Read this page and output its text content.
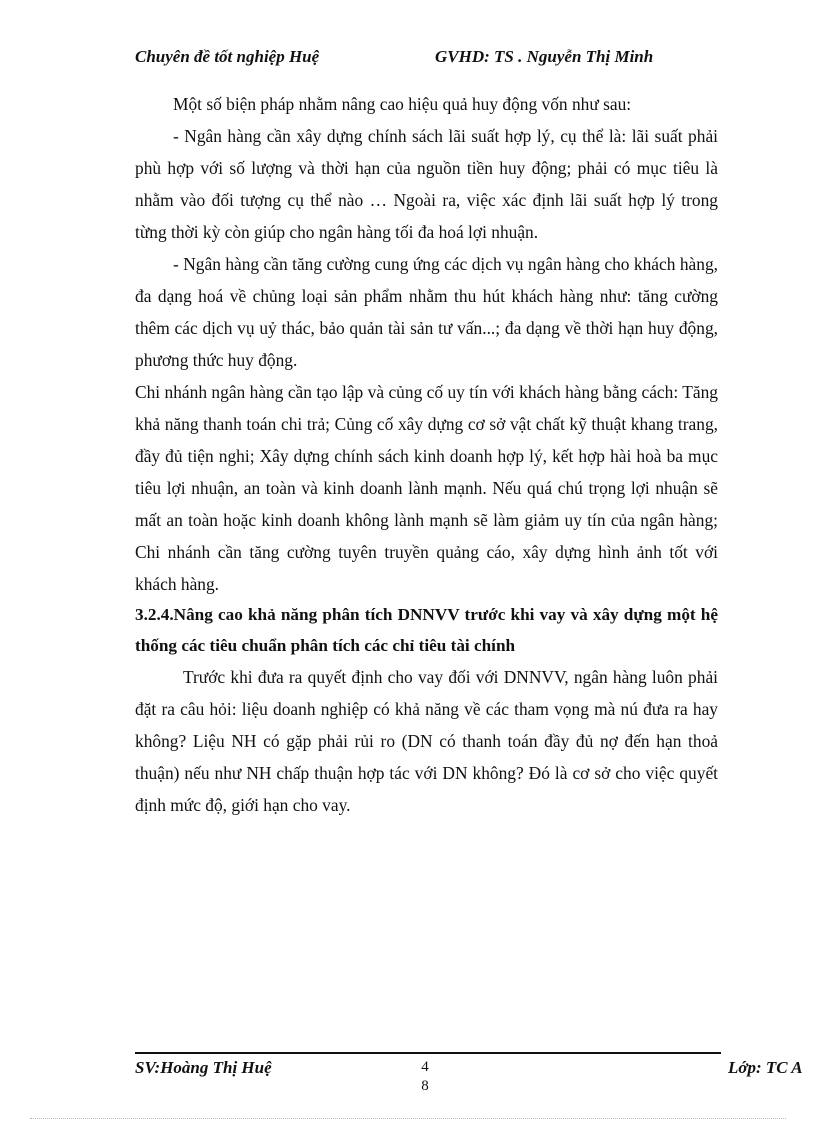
Chuyên đề tốt nghiệp Huệ	GVHD: TS . Nguyễn Thị Minh

Một số biện pháp nhằm nâng cao hiệu quả huy động vốn như sau:

- Ngân hàng cần xây dựng chính sách lãi suất hợp lý, cụ thể là: lãi suất phải phù hợp với số lượng và thời hạn của nguồn tiền huy động; phải có mục tiêu là nhằm vào đối tượng cụ thể nào … Ngoài ra, việc xác định lãi suất hợp lý trong từng thời kỳ còn giúp cho ngân hàng tối đa hoá lợi nhuận.

- Ngân hàng cần tăng cường cung ứng các dịch vụ ngân hàng cho khách hàng, đa dạng hoá về chủng loại sản phẩm nhằm thu hút khách hàng như: tăng cường thêm các dịch vụ uỷ thác, bảo quản tài sản tư vấn...; đa dạng về thời hạn huy động, phương thức huy động.

Chi nhánh ngân hàng cần tạo lập và củng cố uy tín với khách hàng bằng cách: Tăng khả năng thanh toán chi trả; Củng cố xây dựng cơ sở vật chất kỹ thuật khang trang, đầy đủ tiện nghi; Xây dựng chính sách kinh doanh hợp lý, kết hợp hài hoà ba mục tiêu lợi nhuận, an toàn và kinh doanh lành mạnh. Nếu quá chú trọng lợi nhuận sẽ mất an toàn hoặc kinh doanh không lành mạnh sẽ làm giảm uy tín của ngân hàng; Chi nhánh cần tăng cường tuyên truyền quảng cáo, xây dựng hình ảnh tốt với khách hàng.

3.2.4.Nâng cao khả năng phân tích DNNVV trước khi vay và xây dựng một hệ thống các tiêu chuẩn phân tích các chỉ tiêu tài chính

Trước khi đưa ra quyết định cho vay đối với DNNVV, ngân hàng luôn phải đặt ra câu hỏi: liệu doanh nghiệp có khả năng về các tham vọng mà nú đưa ra hay không? Liệu NH có gặp phải rủi ro (DN có thanh toán đầy đủ nợ đến hạn thoả thuận) nếu như NH chấp thuận hợp tác với DN không? Đó là cơ sở cho việc quyết định mức độ, giới hạn cho vay.

SV:Hoàng Thị Huệ	4 8
Lớp: TC A
